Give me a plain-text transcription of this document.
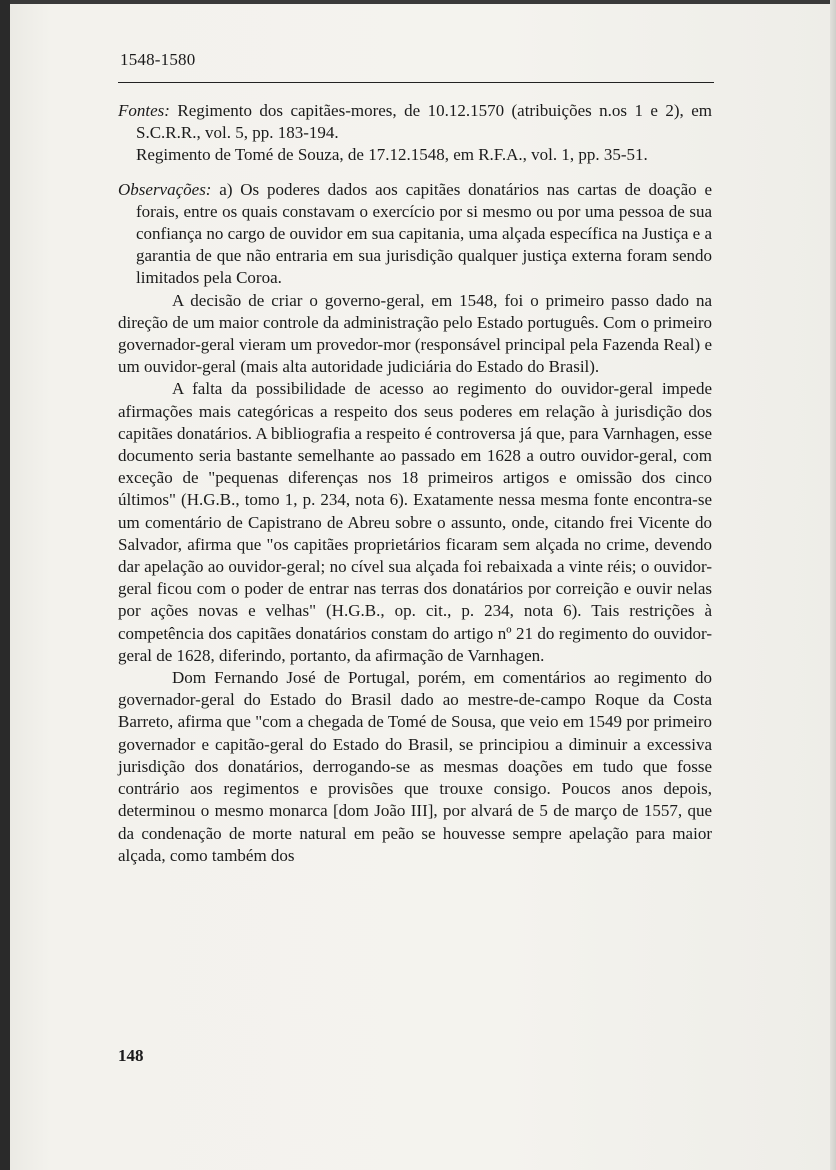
1548-1580

Fontes: Regimento dos capitães-mores, de 10.12.1570 (atribuições n.os 1 e 2), em S.C.R.R., vol. 5, pp. 183-194.

Regimento de Tomé de Souza, de 17.12.1548, em R.F.A., vol. 1, pp. 35-51.

Observações: a) Os poderes dados aos capitães donatários nas cartas de doação e forais, entre os quais constavam o exercício por si mesmo ou por uma pessoa de sua confiança no cargo de ouvidor em sua capitania, uma alçada específica na Justiça e a garantia de que não entraria em sua jurisdição qualquer justiça externa foram sendo limitados pela Coroa.

A decisão de criar o governo-geral, em 1548, foi o primeiro passo dado na direção de um maior controle da administração pelo Estado português. Com o primeiro governador-geral vieram um provedor-mor (responsável principal pela Fazenda Real) e um ouvidor-geral (mais alta autoridade judiciária do Estado do Brasil).

A falta da possibilidade de acesso ao regimento do ouvidor-geral impede afirmações mais categóricas a respeito dos seus poderes em relação à jurisdição dos capitães donatários. A bibliografia a respeito é controversa já que, para Varnhagen, esse documento seria bastante semelhante ao passado em 1628 a outro ouvidor-geral, com exceção de "pequenas diferenças nos 18 primeiros artigos e omissão dos cinco últimos" (H.G.B., tomo 1, p. 234, nota 6). Exatamente nessa mesma fonte encontra-se um comentário de Capistrano de Abreu sobre o assunto, onde, citando frei Vicente do Salvador, afirma que "os capitães proprietários ficaram sem alçada no crime, devendo dar apelação ao ouvidor-geral; no cível sua alçada foi rebaixada a vinte réis; o ouvidor-geral ficou com o poder de entrar nas terras dos donatários por correição e ouvir nelas por ações novas e velhas" (H.G.B., op. cit., p. 234, nota 6). Tais restrições à competência dos capitães donatários constam do artigo nº 21 do regimento do ouvidor-geral de 1628, diferindo, portanto, da afirmação de Varnhagen.

Dom Fernando José de Portugal, porém, em comentários ao regimento do governador-geral do Estado do Brasil dado ao mestre-de-campo Roque da Costa Barreto, afirma que "com a chegada de Tomé de Sousa, que veio em 1549 por primeiro governador e capitão-geral do Estado do Brasil, se principiou a diminuir a excessiva jurisdição dos donatários, derrogando-se as mesmas doações em tudo que fosse contrário aos regimentos e provisões que trouxe consigo. Poucos anos depois, determinou o mesmo monarca [dom João III], por alvará de 5 de março de 1557, que da condenação de morte natural em peão se houvesse sempre apelação para maior alçada, como também dos

148
